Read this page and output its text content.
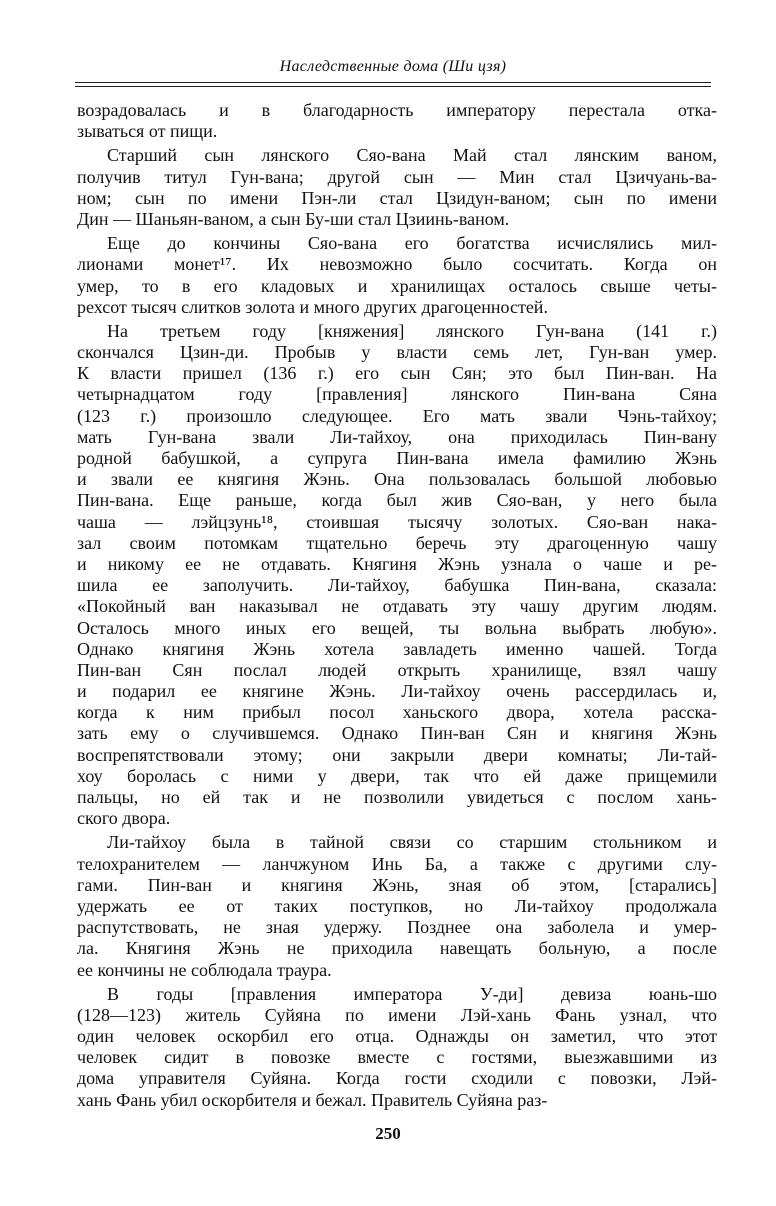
Наследственные дома (Ши цзя)
возрадовалась и в благодарность императору перестала отка-
зываться от пищи.
Старший сын лянского Сяо-вана Май стал лянским ваном,
получив титул Гун-вана; другой сын — Мин стал Цзичуань-ва-
ном; сын по имени Пэн-ли стал Цзидун-ваном; сын по имени
Дин — Шаньян-ваном, а сын Бу-ши стал Цзиинь-ваном.
Еще до кончины Сяо-вана его богатства исчислялись мил-
лионами монет¹⁷. Их невозможно было сосчитать. Когда он
умер, то в его кладовых и хранилищах осталось свыше четы-
рехсот тысяч слитков золота и много других драгоценностей.
На третьем году [княжения] лянского Гун-вана (141 г.)
скончался Цзин-ди. Пробыв у власти семь лет, Гун-ван умер.
К власти пришел (136 г.) его сын Сян; это был Пин-ван. На
четырнадцатом году [правления] лянского Пин-вана Сяна
(123 г.) произошло следующее. Его мать звали Чэнь-тайхоу;
мать Гун-вана звали Ли-тайхоу, она приходилась Пин-вану
родной бабушкой, а супруга Пин-вана имела фамилию Жэнь
и звали ее княгиня Жэнь. Она пользовалась большой любовью
Пин-вана. Еще раньше, когда был жив Сяо-ван, у него была
чаша — лэйцзунь¹⁸, стоившая тысячу золотых. Сяо-ван нака-
зал своим потомкам тщательно беречь эту драгоценную чашу
и никому ее не отдавать. Княгиня Жэнь узнала о чаше и ре-
шила ее заполучить. Ли-тайхоу, бабушка Пин-вана, сказала:
«Покойный ван наказывал не отдавать эту чашу другим людям.
Осталось много иных его вещей, ты вольна выбрать любую».
Однако княгиня Жэнь хотела завладеть именно чашей. Тогда
Пин-ван Сян послал людей открыть хранилище, взял чашу
и подарил ее княгине Жэнь. Ли-тайхоу очень рассердилась и,
когда к ним прибыл посол ханьского двора, хотела расска-
зать ему о случившемся. Однако Пин-ван Сян и княгиня Жэнь
воспрепятствовали этому; они закрыли двери комнаты; Ли-тай-
хоу боролась с ними у двери, так что ей даже прищемили
пальцы, но ей так и не позволили увидеться с послом хань-
ского двора.
Ли-тайхоу была в тайной связи со старшим стольником и
телохранителем — ланчжуном Инь Ба, а также с другими слу-
гами. Пин-ван и княгиня Жэнь, зная об этом, [старались]
удержать ее от таких поступков, но Ли-тайхоу продолжала
распутствовать, не зная удержу. Позднее она заболела и умер-
ла. Княгиня Жэнь не приходила навещать больную, а после
ее кончины не соблюдала траура.
В годы [правления императора У-ди] девиза юань-шо
(128—123) житель Суйяна по имени Лэй-хань Фань узнал, что
один человек оскорбил его отца. Однажды он заметил, что этот
человек сидит в повозке вместе с гостями, выезжавшими из
дома управителя Суйяна. Когда гости сходили с повозки, Лэй-
хань Фань убил оскорбителя и бежал. Правитель Суйяна раз-
250
